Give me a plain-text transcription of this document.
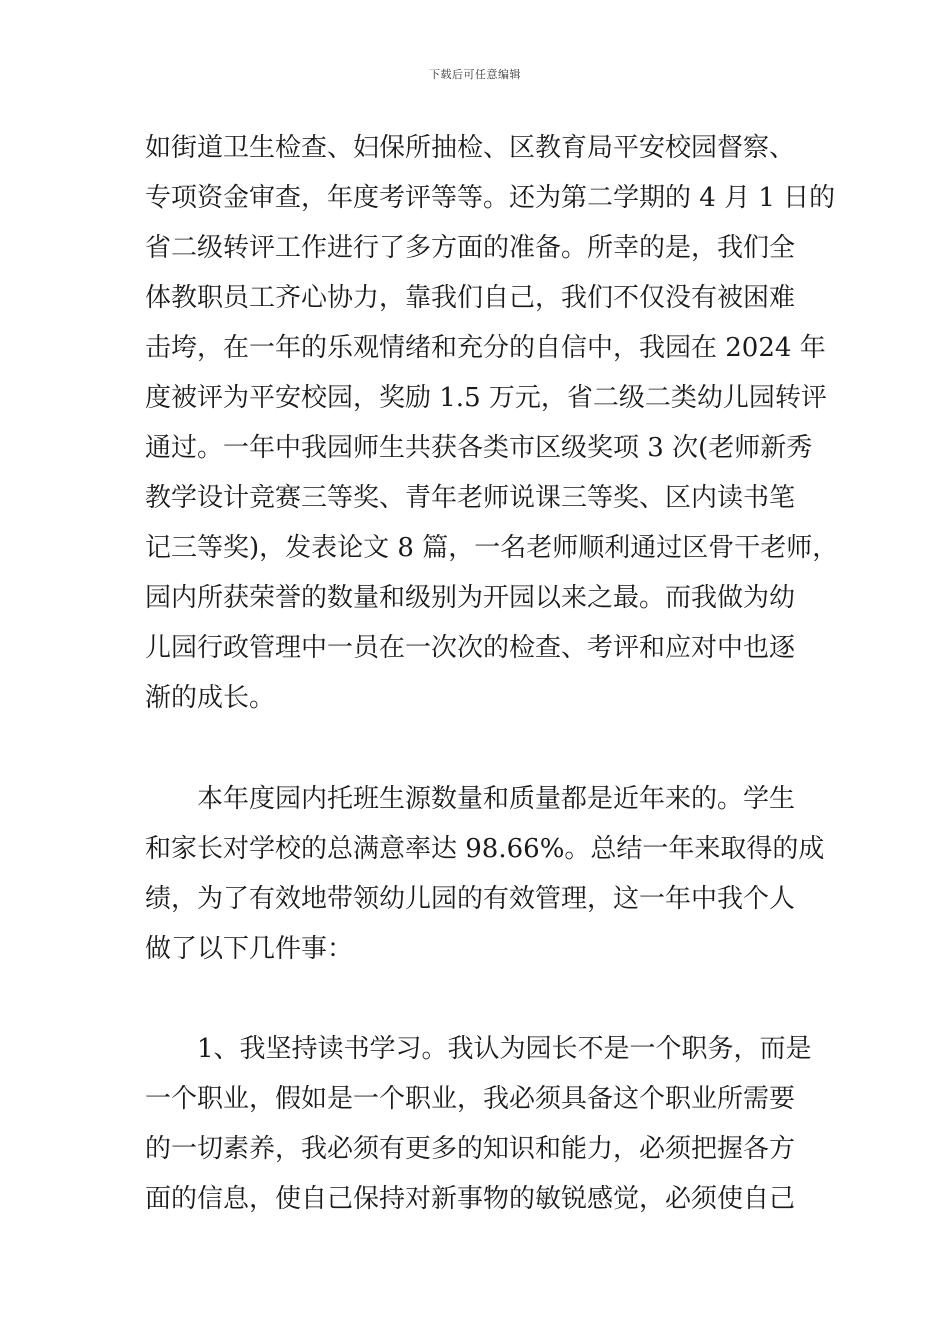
下载后可任意编辑
如街道卫生检查、妇保所抽检、区教育局平安校园督察、
专项资金审查，年度考评等等。还为第二学期的 4 月 1 日的
省二级转评工作进行了多方面的准备。所幸的是，我们全
体教职员工齐心协力，靠我们自己，我们不仅没有被困难
击垮，在一年的乐观情绪和充分的自信中，我园在 2024 年
度被评为平安校园，奖励 1.5 万元，省二级二类幼儿园转评
通过。一年中我园师生共获各类市区级奖项 3 次(老师新秀
教学设计竞赛三等奖、青年老师说课三等奖、区内读书笔
记三等奖)，发表论文 8 篇，一名老师顺利通过区骨干老师，
园内所获荣誉的数量和级别为开园以来之最。而我做为幼
儿园行政管理中一员在一次次的检查、考评和应对中也逐
渐的成长。
本年度园内托班生源数量和质量都是近年来的。学生
和家长对学校的总满意率达 98.66%。总结一年来取得的成
绩，为了有效地带领幼儿园的有效管理，这一年中我个人
做了以下几件事：
1、我坚持读书学习。我认为园长不是一个职务，而是
一个职业，假如是一个职业，我必须具备这个职业所需要
的一切素养，我必须有更多的知识和能力，必须把握各方
面的信息，使自己保持对新事物的敏锐感觉，必须使自己
